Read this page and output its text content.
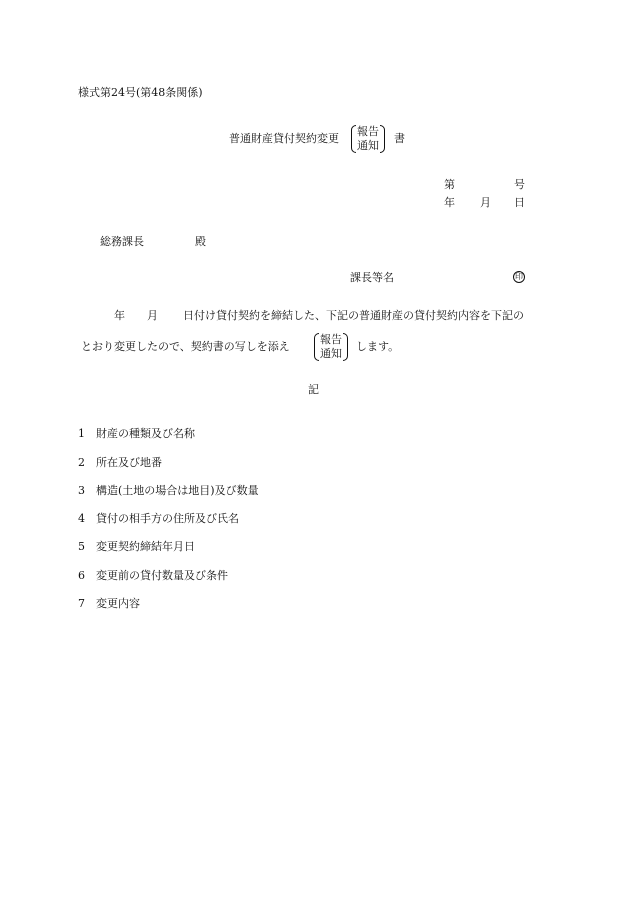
様式第24号(第48条関係)
普通財産貸付契約変更
報告
通知
書
第	号
年 月 日
総務課長	殿
課長等名	印
年 月 日付け貸付契約を締結した、下記の普通財産の貸付契約内容を下記の
とおり変更したので、契約書の写しを添え
報告
通知
します。
記
1 財産の種類及び名称
2 所在及び地番
3 構造(土地の場合は地目)及び数量
4 貸付の相手方の住所及び氏名
5 変更契約締結年月日
6 変更前の貸付数量及び条件
7 変更内容
